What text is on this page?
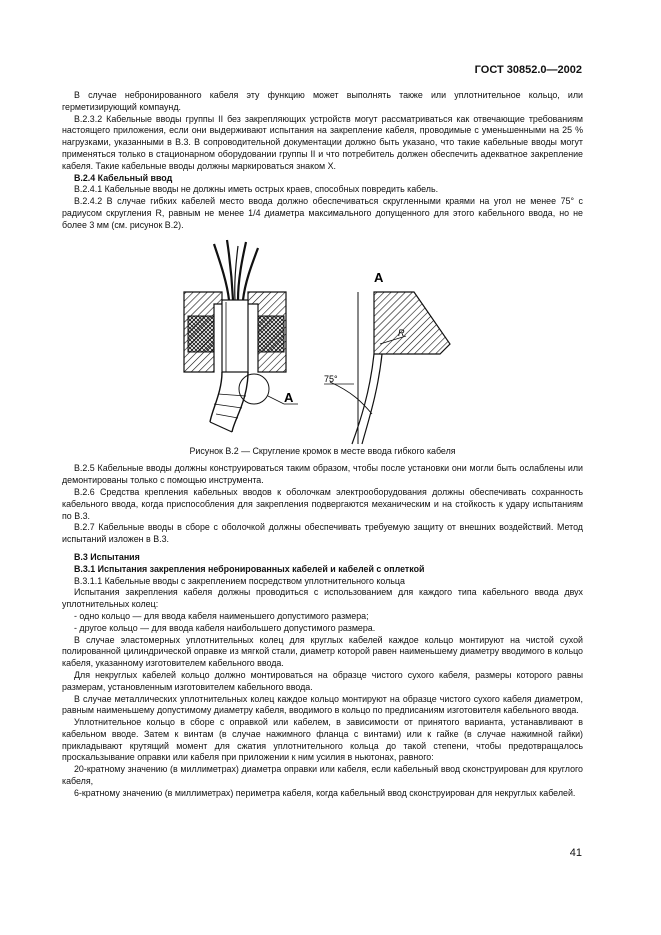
ГОСТ 30852.0—2002

В случае небронированного кабеля эту функцию может выполнять также или уплотнительное кольцо, или герметизирующий компаунд.

В.2.3.2 Кабельные вводы группы II без закрепляющих устройств могут рассматриваться как отвечающие требованиям настоящего приложения, если они выдерживают испытания на закрепление кабеля, проводимые с уменьшенными на 25 % нагрузками, указанными в В.3. В сопроводительной документации должно быть указано, что такие кабельные вводы могут применяться только в стационарном оборудовании группы II и что потребитель должен обеспечить адекватное закрепление кабеля. Такие кабельные вводы должны маркироваться знаком X.

В.2.4 Кабельный ввод

В.2.4.1 Кабельные вводы не должны иметь острых краев, способных повредить кабель.

В.2.4.2 В случае гибких кабелей место ввода должно обеспечиваться скругленными краями на угол не менее 75° с радиусом скругления R, равным не менее 1/4 диаметра максимального допущенного для этого кабельного ввода, но не более 3 мм (см. рисунок В.2).

A
A
R
75°

Рисунок В.2 — Скругление кромок в месте ввода гибкого кабеля

В.2.5 Кабельные вводы должны конструироваться таким образом, чтобы после установки они могли быть ослаблены или демонтированы только с помощью инструмента.

В.2.6 Средства крепления кабельных вводов к оболочкам электрооборудования должны обеспечивать сохранность кабельного ввода, когда приспособления для закрепления подвергаются механическим и на стойкость к удару испытаниям по В.3.

В.2.7 Кабельные вводы в сборе с оболочкой должны обеспечивать требуемую защиту от внешних воздействий. Метод испытаний изложен в В.3.

В.3 Испытания

В.3.1 Испытания закрепления небронированных кабелей и кабелей с оплеткой

В.3.1.1 Кабельные вводы с закреплением посредством уплотнительного кольца

Испытания закрепления кабеля должны проводиться с использованием для каждого типа кабельного ввода двух уплотнительных колец:

- одно кольцо — для ввода кабеля наименьшего допустимого размера;

- другое кольцо — для ввода кабеля наибольшего допустимого размера.

В случае эластомерных уплотнительных колец для круглых кабелей каждое кольцо монтируют на чистой сухой полированной цилиндрической оправке из мягкой стали, диаметр которой равен наименьшему диаметру вводимого в кольцо кабеля, указанному изготовителем кабельного ввода.

Для некруглых кабелей кольцо должно монтироваться на образце чистого сухого кабеля, размеры которого равны размерам, установленным изготовителем кабельного ввода.

В случае металлических уплотнительных колец каждое кольцо монтируют на образце чистого сухого кабеля диаметром, равным наименьшему допустимому диаметру кабеля, вводимого в кольцо по предписаниям изготовителя кабельного ввода.

Уплотнительное кольцо в сборе с оправкой или кабелем, в зависимости от принятого варианта, устанавливают в кабельном вводе. Затем к винтам (в случае нажимного фланца с винтами) или к гайке (в случае нажимной гайки) прикладывают крутящий момент для сжатия уплотнительного кольца до такой степени, чтобы предотвращалось проскальзывание оправки или кабеля при приложении к ним усилия в ньютонах, равного:

20-кратному значению (в миллиметрах) диаметра оправки или кабеля, если кабельный ввод сконструирован для круглого кабеля,

6-кратному значению (в миллиметрах) периметра кабеля, когда кабельный ввод сконструирован для некруглых кабелей.

41
